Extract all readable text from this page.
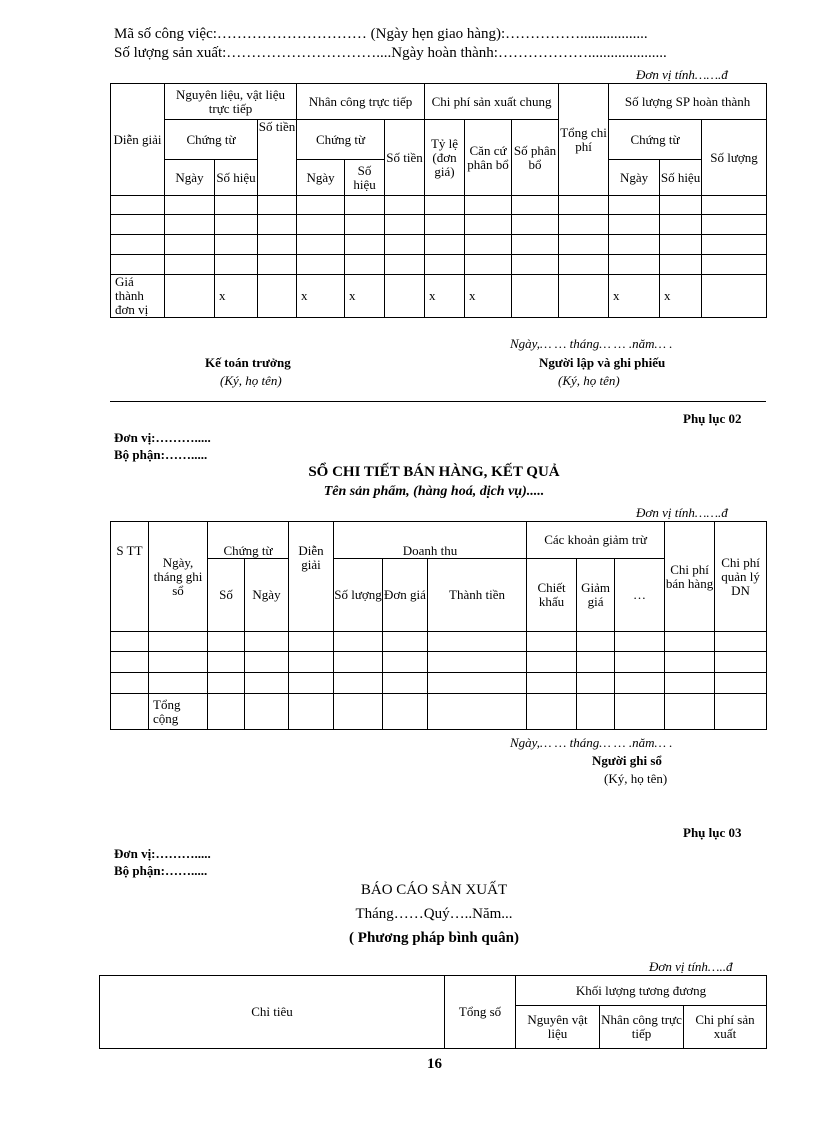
Mã số công việc:………………………… (Ngày hẹn giao hàng):……………..................
Số lượng sản xuất:…………………………....Ngày hoàn thành:……………….....................
Đơn vị tính…….đ
Diễn giải	Nguyên liệu, vật liệu trực tiếp			Nhân công trực tiếp			Chi phí sản xuất chung			Tổng chi phí	Số lượng SP hoàn thành		
	Chứng từ		Số tiền	Chứng từ		Số tiền	Tỷ lệ (đơn giá)	Căn cứ phân bổ	Số phân bổ		Chứng từ		Số lượng
	Ngày	Số hiệu		Ngày	Số hiệu						Ngày	Số hiệu	

Giá thành đơn vị		x		x	x		x	x			x	x	
Ngày,… … tháng… … .năm… .
Kế toán trưởng	Người lập và ghi phiếu
(Ký, họ tên)	(Ký, họ tên)
Phụ lục 02
Đơn vị:……….....
Bộ phận:…….....
SỔ CHI TIẾT BÁN HÀNG, KẾT QUẢ
Tên sản phẩm, (hàng hoá, dịch vụ).....
Đơn vị tính…….đ
S TT	Ngày, tháng ghi sổ	Chứng từ		Diễn giải	Doanh thu			Các khoản giảm trừ			Chi phí bán hàng	Chi phí quản lý DN	
		Số	Ngày		Số lượng	Đơn giá	Thành tiền	Chiết khấu	Giảm giá	…			

	Tổng cộng												
Ngày,… … tháng… … .năm… .
Người ghi sổ
(Ký, họ tên)
Phụ lục 03
Đơn vị:……….....
Bộ phận:…….....
BÁO CÁO SẢN XUẤT
Tháng……Quý…..Năm...
( Phương pháp bình quân)
Đơn vị tính…..đ
Chỉ tiêu	Tổng số	Khối lượng tương đương		
		Nguyên vật liệu	Nhân công trực tiếp	Chi phí sản xuất
16
